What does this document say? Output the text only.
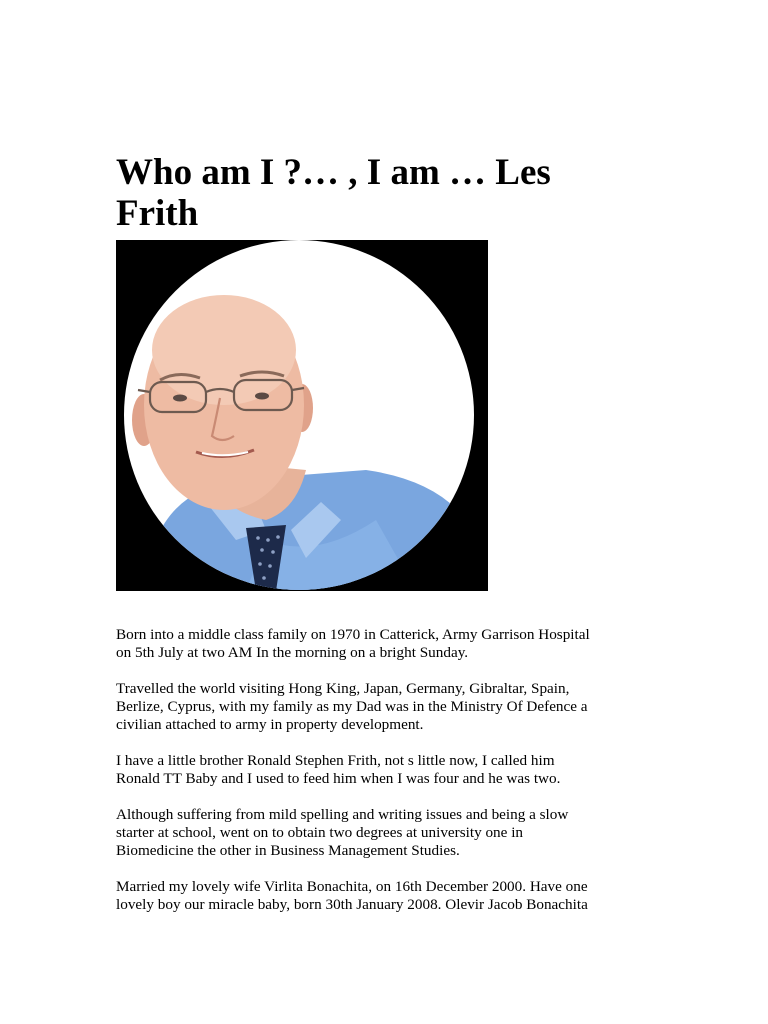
Who am I ?… , I am … Les Frith

Born into a middle class family on 1970 in Catterick, Army Garrison Hospital
on 5th July at two AM In the morning on a bright Sunday.

Travelled the world visiting Hong King, Japan, Germany, Gibraltar, Spain,
Berlize, Cyprus, with my family as my Dad was in the Ministry Of Defence a
civilian attached to army in property development.

I have a little brother Ronald Stephen Frith, not s little now, I called him
Ronald TT Baby and I used to feed him when I was four and he was two.

Although suffering from mild spelling and writing issues and being a slow
starter at school, went on to obtain two degrees at university one in
Biomedicine the other in Business Management Studies.

Married my lovely wife Virlita Bonachita, on 16th December 2000. Have one
lovely boy our miracle baby, born 30th January 2008. Olevir Jacob Bonachita
